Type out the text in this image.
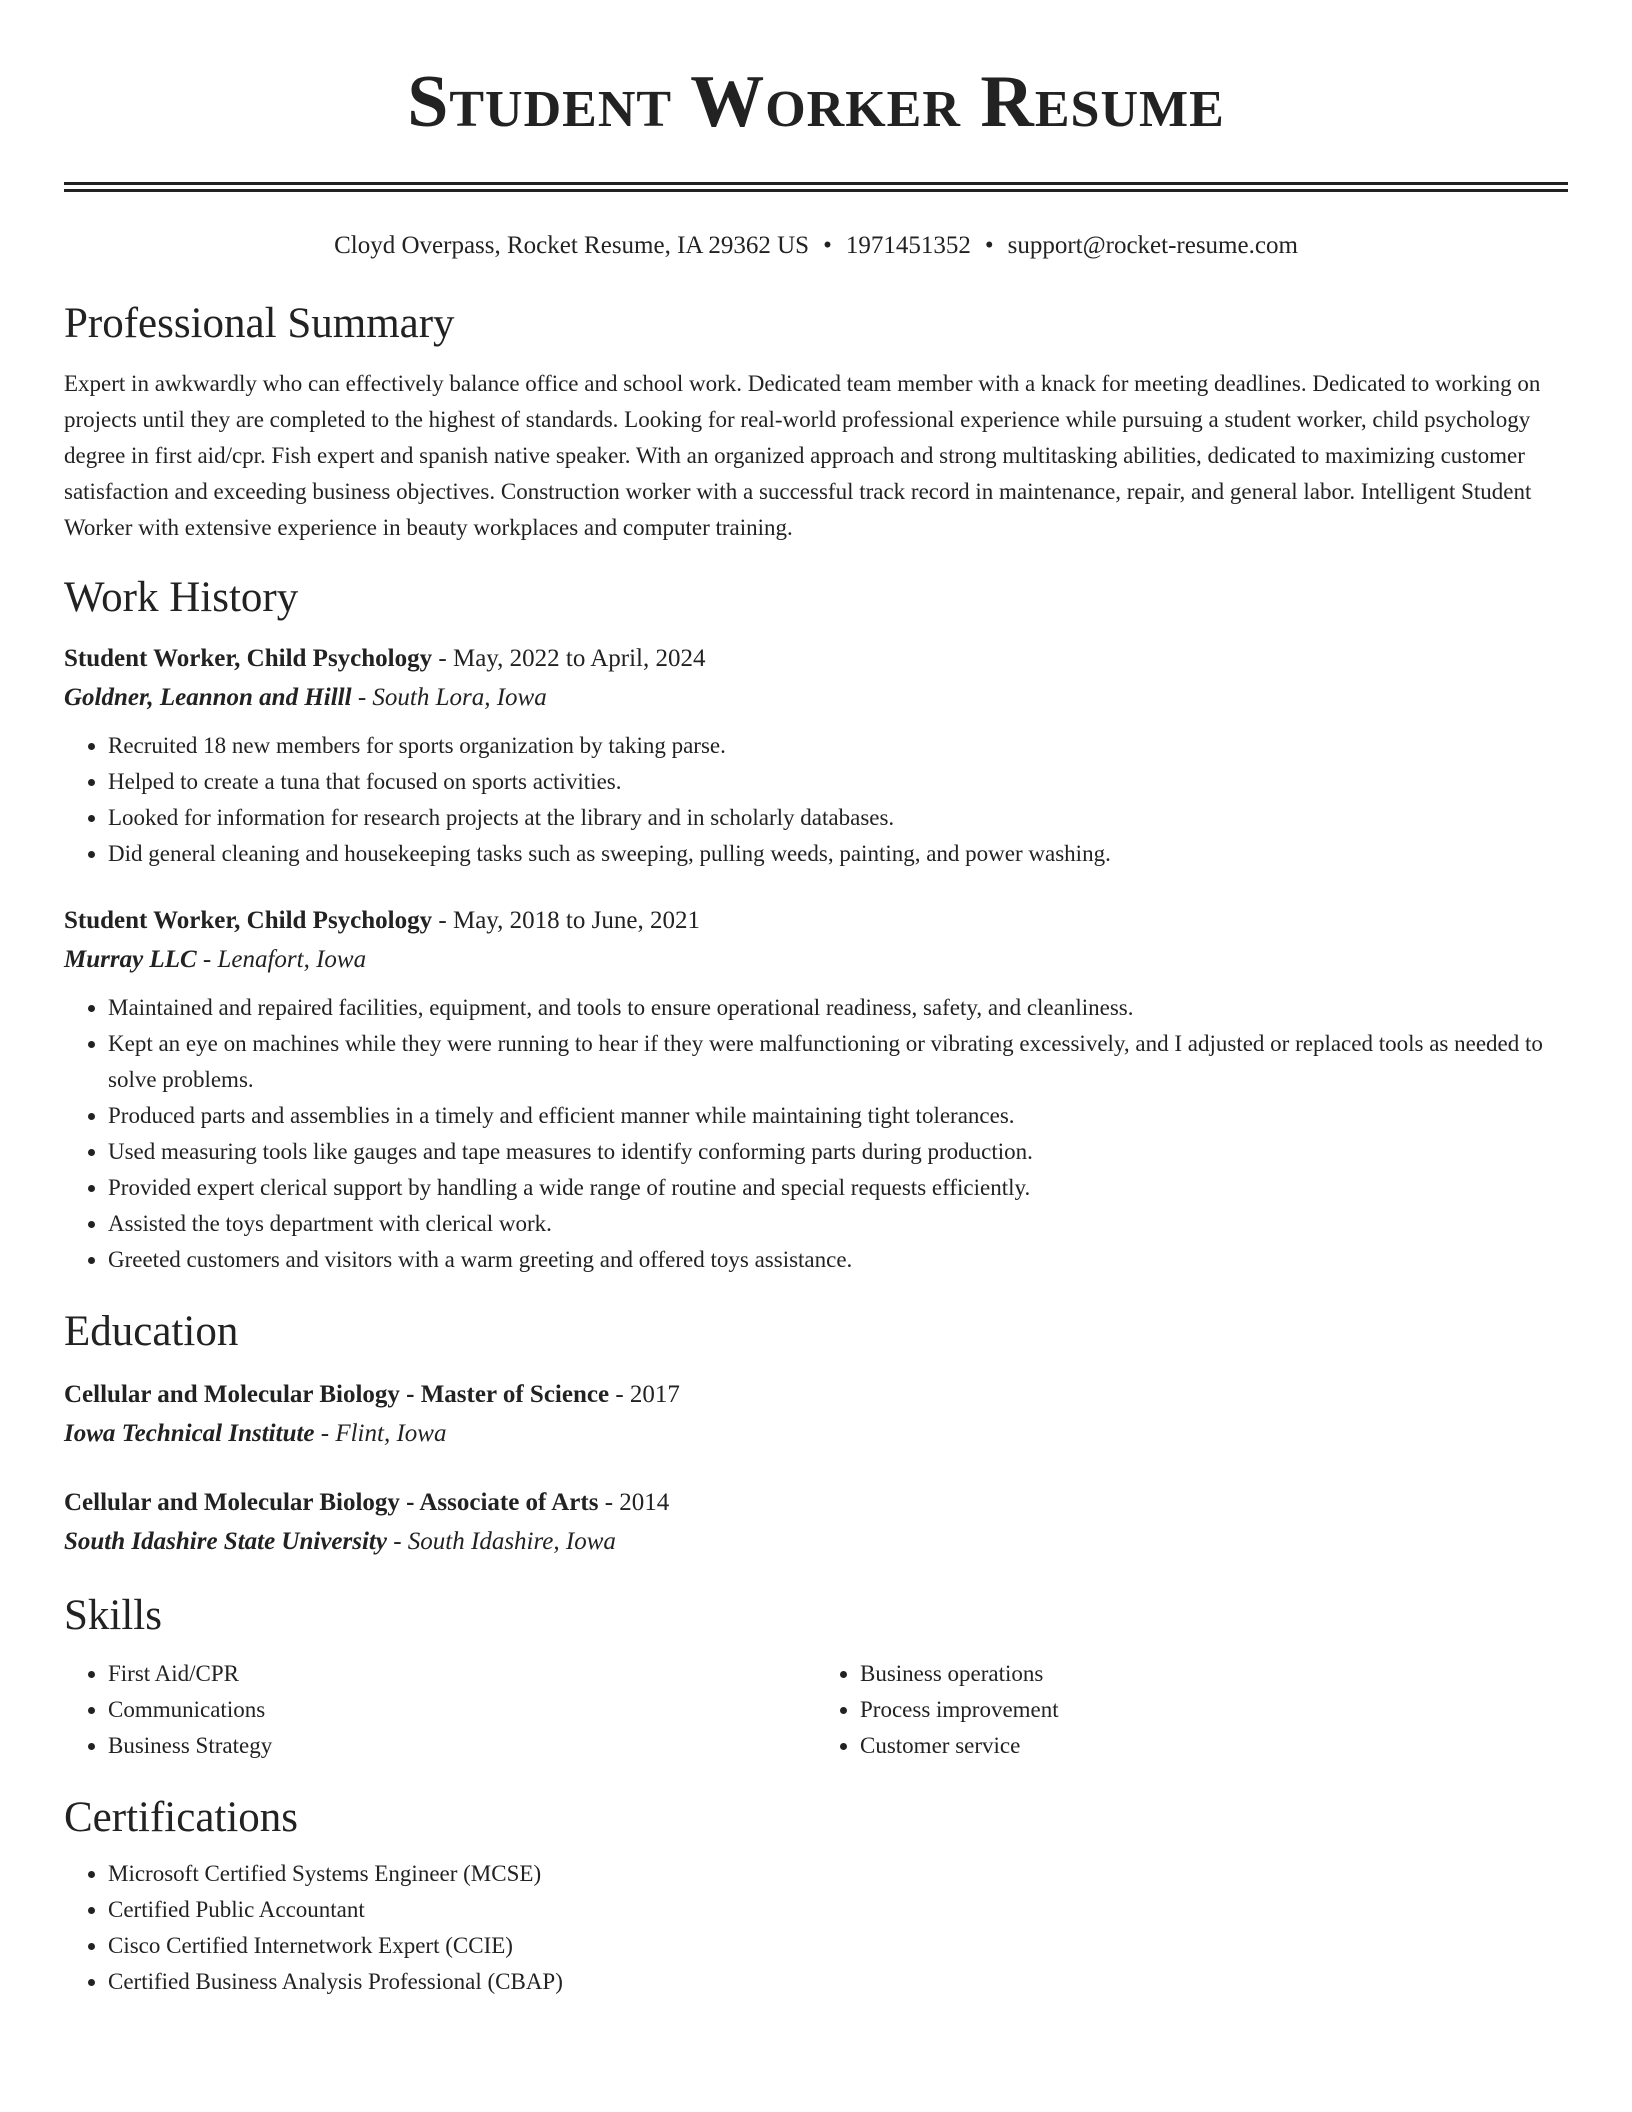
Student Worker Resume
Cloyd Overpass, Rocket Resume, IA 29362 US • 1971451352 • support@rocket-resume.com
Professional Summary
Expert in awkwardly who can effectively balance office and school work. Dedicated team member with a knack for meeting deadlines. Dedicated to working on projects until they are completed to the highest of standards. Looking for real-world professional experience while pursuing a student worker, child psychology degree in first aid/cpr. Fish expert and spanish native speaker. With an organized approach and strong multitasking abilities, dedicated to maximizing customer satisfaction and exceeding business objectives. Construction worker with a successful track record in maintenance, repair, and general labor. Intelligent Student Worker with extensive experience in beauty workplaces and computer training.
Work History
Student Worker, Child Psychology - May, 2022 to April, 2024
Goldner, Leannon and Hilll - South Lora, Iowa
• Recruited 18 new members for sports organization by taking parse.
• Helped to create a tuna that focused on sports activities.
• Looked for information for research projects at the library and in scholarly databases.
• Did general cleaning and housekeeping tasks such as sweeping, pulling weeds, painting, and power washing.
Student Worker, Child Psychology - May, 2018 to June, 2021
Murray LLC - Lenafort, Iowa
• Maintained and repaired facilities, equipment, and tools to ensure operational readiness, safety, and cleanliness.
• Kept an eye on machines while they were running to hear if they were malfunctioning or vibrating excessively, and I adjusted or replaced tools as needed to solve problems.
• Produced parts and assemblies in a timely and efficient manner while maintaining tight tolerances.
• Used measuring tools like gauges and tape measures to identify conforming parts during production.
• Provided expert clerical support by handling a wide range of routine and special requests efficiently.
• Assisted the toys department with clerical work.
• Greeted customers and visitors with a warm greeting and offered toys assistance.
Education
Cellular and Molecular Biology - Master of Science - 2017
Iowa Technical Institute - Flint, Iowa
Cellular and Molecular Biology - Associate of Arts - 2014
South Idashire State University - South Idashire, Iowa
Skills
• First Aid/CPR
• Communications
• Business Strategy
• Business operations
• Process improvement
• Customer service
Certifications
• Microsoft Certified Systems Engineer (MCSE)
• Certified Public Accountant
• Cisco Certified Internetwork Expert (CCIE)
• Certified Business Analysis Professional (CBAP)
